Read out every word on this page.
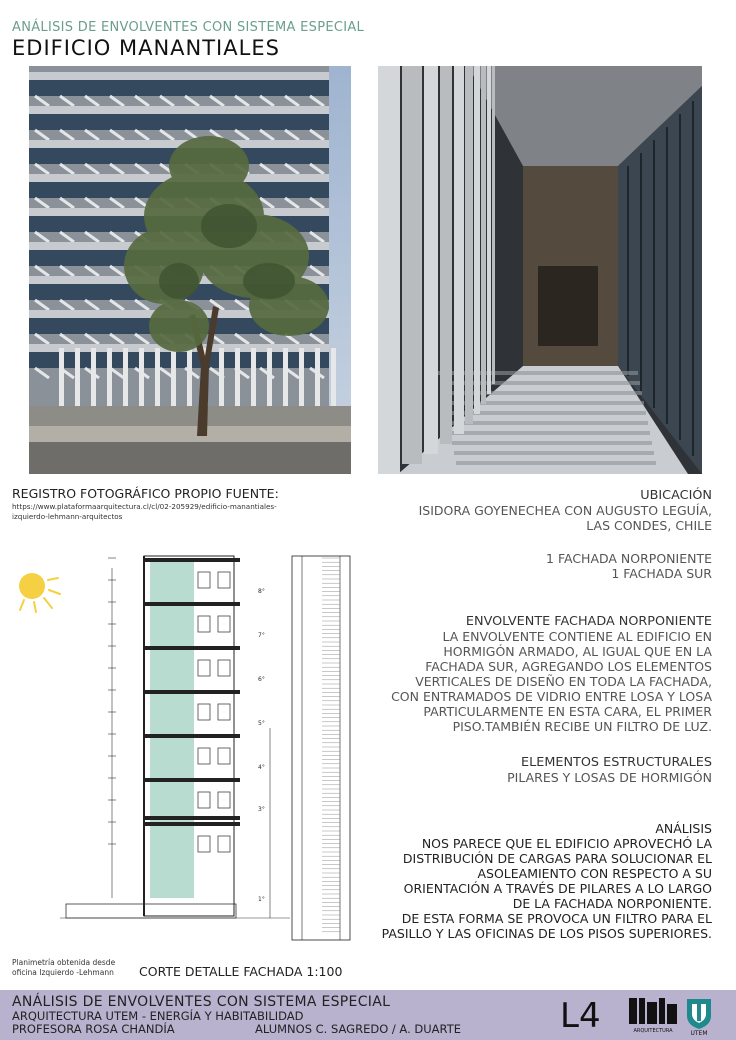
ANÁLISIS DE ENVOLVENTES CON SISTEMA ESPECIAL
EDIFICIO MANANTIALES
REGISTRO FOTOGRÁFICO PROPIO FUENTE:
https://www.plataformaarquitectura.cl/cl/02-205929/edificio-manantiales-izquierdo-lehmann-arquitectos
UBICACIÓN
ISIDORA GOYENECHEA CON AUGUSTO LEGUÍA,
LAS CONDES, CHILE
1 FACHADA NORPONIENTE
1 FACHADA SUR
ENVOLVENTE FACHADA NORPONIENTE
LA ENVOLVENTE CONTIENE AL EDIFICIO EN
HORMIGÓN ARMADO, AL IGUAL QUE EN LA
FACHADA SUR, AGREGANDO LOS ELEMENTOS
VERTICALES DE DISEÑO EN TODA LA FACHADA,
CON ENTRAMADOS DE VIDRIO ENTRE LOSA Y LOSA
PARTICULARMENTE EN ESTA CARA, EL PRIMER
PISO.TAMBIÉN RECIBE UN FILTRO DE LUZ.
ELEMENTOS ESTRUCTURALES
PILARES Y LOSAS DE HORMIGÓN
ANÁLISIS
NOS PARECE QUE EL EDIFICIO APROVECHÓ LA
DISTRIBUCIÓN DE CARGAS PARA SOLUCIONAR EL
ASOLEAMIENTO CON RESPECTO A SU
ORIENTACIÓN A TRAVÉS DE PILARES A LO LARGO
DE LA FACHADA NORPONIENTE.
DE ESTA FORMA SE PROVOCA UN FILTRO PARA EL
PASILLO Y LAS OFICINAS DE LOS PISOS SUPERIORES.
8°
7°
6°
5°
4°
3°
1°
Planimetría obtenida desde oficina Izquierdo -Lehmann	CORTE DETALLE FACHADA 1:100
ANÁLISIS DE ENVOLVENTES CON SISTEMA ESPECIAL
ARQUITECTURA UTEM - ENERGÍA Y HABITABILIDAD
PROFESORA ROSA CHANDÍA	ALUMNOS C. SAGREDO / A. DUARTE	L4	ARQUITECTURA	UTEM
